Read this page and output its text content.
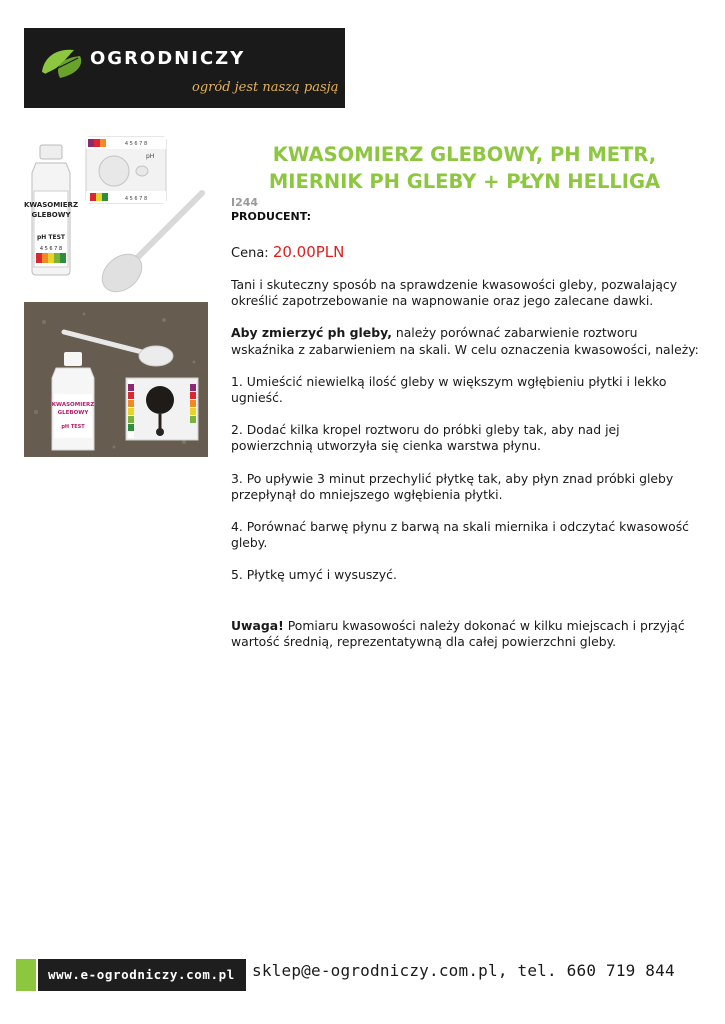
OGRODNICZY
ogród jest naszą pasją
KWASOMIERZ
GLEBOWY
pH TEST
4 5 6 7 8
4 5 6 7 8
pH
4 5 6 7 8
KWASOMIERZ
GLEBOWY
pH TEST
KWASOMIERZ GLEBOWY, PH METR,
MIERNIK PH GLEBY + PŁYN HELLIGA
I244
PRODUCENT:
Cena: 20.00PLN

Tani i skuteczny sposób na sprawdzenie kwasowości gleby, pozwalający określić zapotrzebowanie na wapnowanie oraz jego zalecane dawki.

Aby zmierzyć ph gleby, należy porównać zabarwienie roztworu wskaźnika z zabarwieniem na skali. W celu oznaczenia kwasowości, należy:

1. Umieścić niewielką ilość gleby w większym wgłębieniu płytki i lekko ugnieść.

2. Dodać kilka kropel roztworu do próbki gleby tak, aby nad jej powierzchnią utworzyła się cienka warstwa płynu.

3. Po upływie 3 minut przechylić płytkę tak, aby płyn znad próbki gleby przepłynął do mniejszego wgłębienia płytki.

4. Porównać barwę płynu z barwą na skali miernika i odczytać kwasowość gleby.

5. Płytkę umyć i wysuszyć.

Uwaga! Pomiaru kwasowości należy dokonać w kilku miejscach i przyjąć wartość średnią, reprezentatywną dla całej powierzchni gleby.

www.e-ogrodniczy.com.pl sklep@e-ogrodniczy.com.pl, tel. 660 719 844
